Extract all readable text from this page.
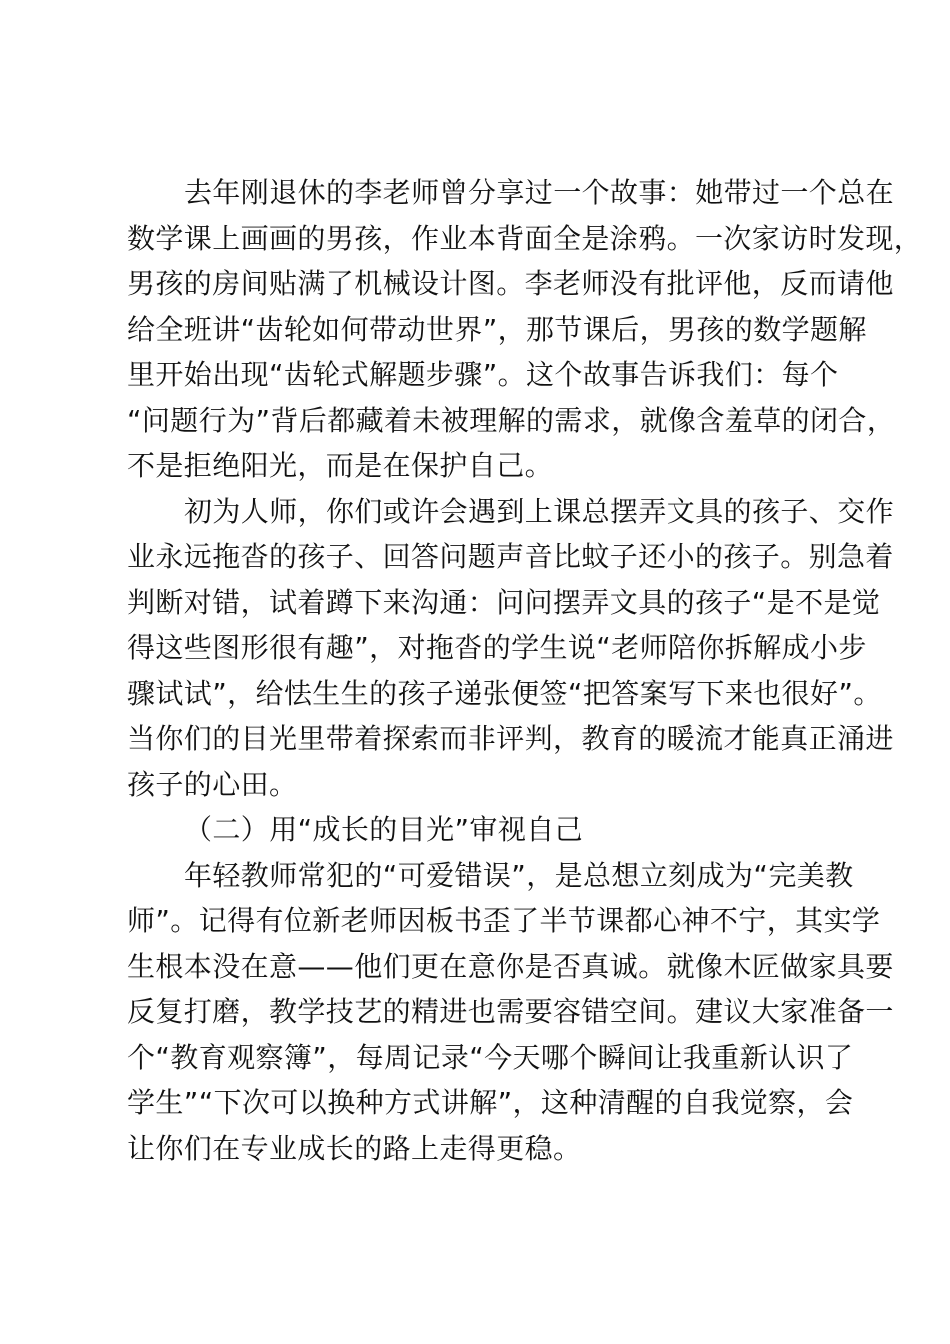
去年刚退休的李老师曾分享过一个故事：她带过一个总在
数学课上画画的男孩，作业本背面全是涂鸦。一次家访时发现，
男孩的房间贴满了机械设计图。李老师没有批评他，反而请他
给全班讲“齿轮如何带动世界”，那节课后，男孩的数学题解
里开始出现“齿轮式解题步骤”。这个故事告诉我们：每个
“问题行为”背后都藏着未被理解的需求，就像含羞草的闭合，
不是拒绝阳光，而是在保护自己。

初为人师，你们或许会遇到上课总摆弄文具的孩子、交作
业永远拖沓的孩子、回答问题声音比蚊子还小的孩子。别急着
判断对错，试着蹲下来沟通：问问摆弄文具的孩子“是不是觉
得这些图形很有趣”，对拖沓的学生说“老师陪你拆解成小步
骤试试”，给怯生生的孩子递张便签“把答案写下来也很好”。
当你们的目光里带着探索而非评判，教育的暖流才能真正涌进
孩子的心田。

（二）用“成长的目光”审视自己

年轻教师常犯的“可爱错误”，是总想立刻成为“完美教
师”。记得有位新老师因板书歪了半节课都心神不宁，其实学
生根本没在意——他们更在意你是否真诚。就像木匠做家具要
反复打磨，教学技艺的精进也需要容错空间。建议大家准备一
个“教育观察簿”，每周记录“今天哪个瞬间让我重新认识了
学生”“下次可以换种方式讲解”，这种清醒的自我觉察，会
让你们在专业成长的路上走得更稳。
